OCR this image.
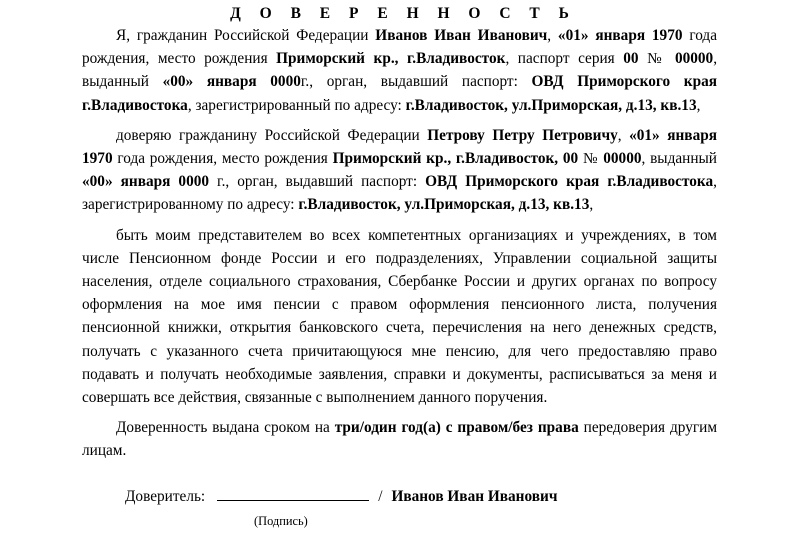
Д О В Е Р Е Н Н О С Т Ь

Я, гражданин Российской Федерации Иванов Иван Иванович, «01» января 1970 года рождения, место рождения Приморский кр., г.Владивосток, паспорт серия 00 № 00000, выданный «00» января 0000г., орган, выдавший паспорт: ОВД Приморского края г.Владивостока, зарегистрированный по адресу: г.Владивосток, ул.Приморская, д.13, кв.13,

доверяю гражданину Российской Федерации Петрову Петру Петровичу, «01» января 1970 года рождения, место рождения Приморский кр., г.Владивосток, 00 № 00000, выданный «00» января 0000 г., орган, выдавший паспорт: ОВД Приморского края г.Владивостока, зарегистрированному по адресу: г.Владивосток, ул.Приморская, д.13, кв.13,

быть моим представителем во всех компетентных организациях и учреждениях, в том числе Пенсионном фонде России и его подразделениях, Управлении социальной защиты населения, отделе социального страхования, Сбербанке России и других органах по вопросу оформления на мое имя пенсии с правом оформления пенсионного листа, получения пенсионной книжки, открытия банковского счета, перечисления на него денежных средств, получать с указанного счета причитающуюся мне пенсию, для чего предоставляю право подавать и получать необходимые заявления, справки и документы, расписываться за меня и совершать все действия, связанные с выполнением данного поручения.

Доверенность выдана сроком на три/один год(а) с правом/без права передоверия другим лицам.

Доверитель:	/ Иванов Иван Иванович
(Подпись)
